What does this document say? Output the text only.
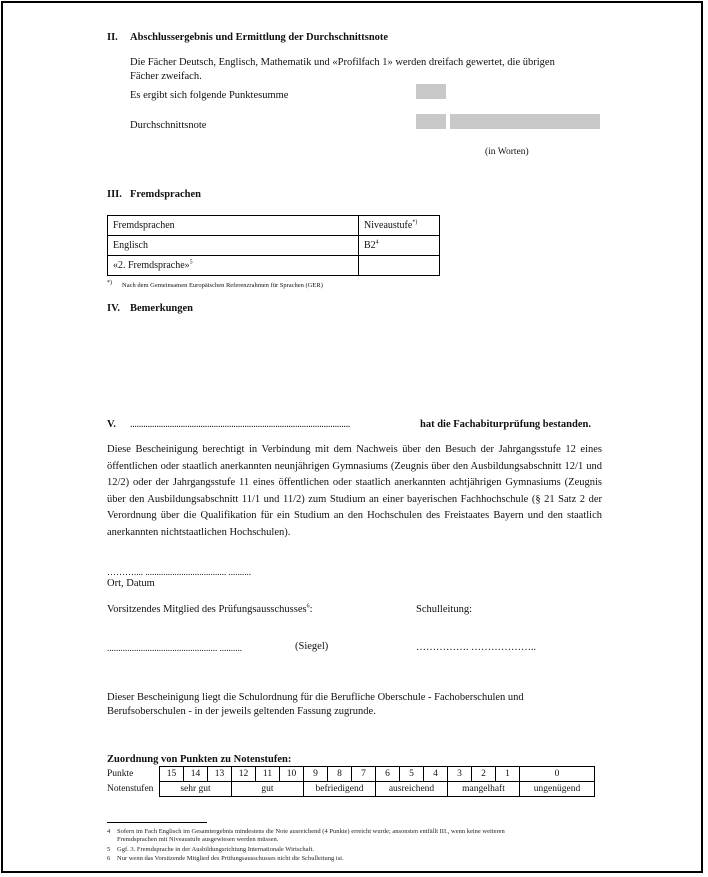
II. Abschlussergebnis und Ermittlung der Durchschnittsnote
Die Fächer Deutsch, Englisch, Mathematik und «Profilfach 1» werden dreifach gewertet, die übrigen
Fächer zweifach.
Es ergibt sich folgende Punktesumme
Durchschnittsnote
(in Worten)
III. Fremdsprachen
Fremdsprachen	Niveaustufe*)
Englisch	$B2^4$
«2. Fremdsprache»$^5$	
*) Nach dem Gemeinsamen Europäischen Referenzrahmen für Sprachen (GER)
IV. Bemerkungen
V. ....................................................................................................	hat die Fachabiturprüfung bestanden.
Diese Bescheinigung berechtigt in Verbindung mit dem Nachweis über den Besuch der Jahrgangsstufe 12 eines öffentlichen oder staatlich anerkannten neunjährigen Gymnasiums (Zeugnis über den Ausbildungsabschnitt 12/1 und 12/2) oder der Jahrgangsstufe 11 eines öffentlichen oder staatlich anerkannten achtjährigen Gymnasiums (Zeugnis über den Ausbildungsabschnitt 11/1 und 11/2) zum Studium an einer bayerischen Fachhochschule (§ 21 Satz 2 der Verordnung über die Qualifikation für ein Studium an den Hochschulen des Freistaates Bayern und den staatlich anerkannten nichtstaatlichen Hochschulen).
……….... .................................... ..........
Ort, Datum
Vorsitzendes Mitglied des Prüfungsausschusses$^6$:	Schulleitung:
................................................. ..........	(Siegel)	……………. ………………..
Dieser Bescheinigung liegt die Schulordnung für die Berufliche Oberschule - Fachoberschulen und
Berufsoberschulen - in der jeweils geltenden Fassung zugrunde.
Zuordnung von Punkten zu Notenstufen:
Punkte	15	14	13	12	11	10	9	8	7	6	5	4	3	2	1	0
Notenstufen	sehr gut			gut			befriedigend			ausreichend			mangelhaft			ungenügend
4 Sofern im Fach Englisch im Gesamtergebnis mindestens die Note ausreichend (4 Punkte) erreicht wurde; ansonsten entfällt III., wenn keine weiteren
Fremdsprachen mit Niveaustufe ausgewiesen werden müssen.
5 Ggf. 3. Fremdsprache in der Ausbildungsrichtung Internationale Wirtschaft.
6 Nur wenn das Vorsitzende Mitglied des Prüfungsausschusses nicht die Schulleitung ist.
